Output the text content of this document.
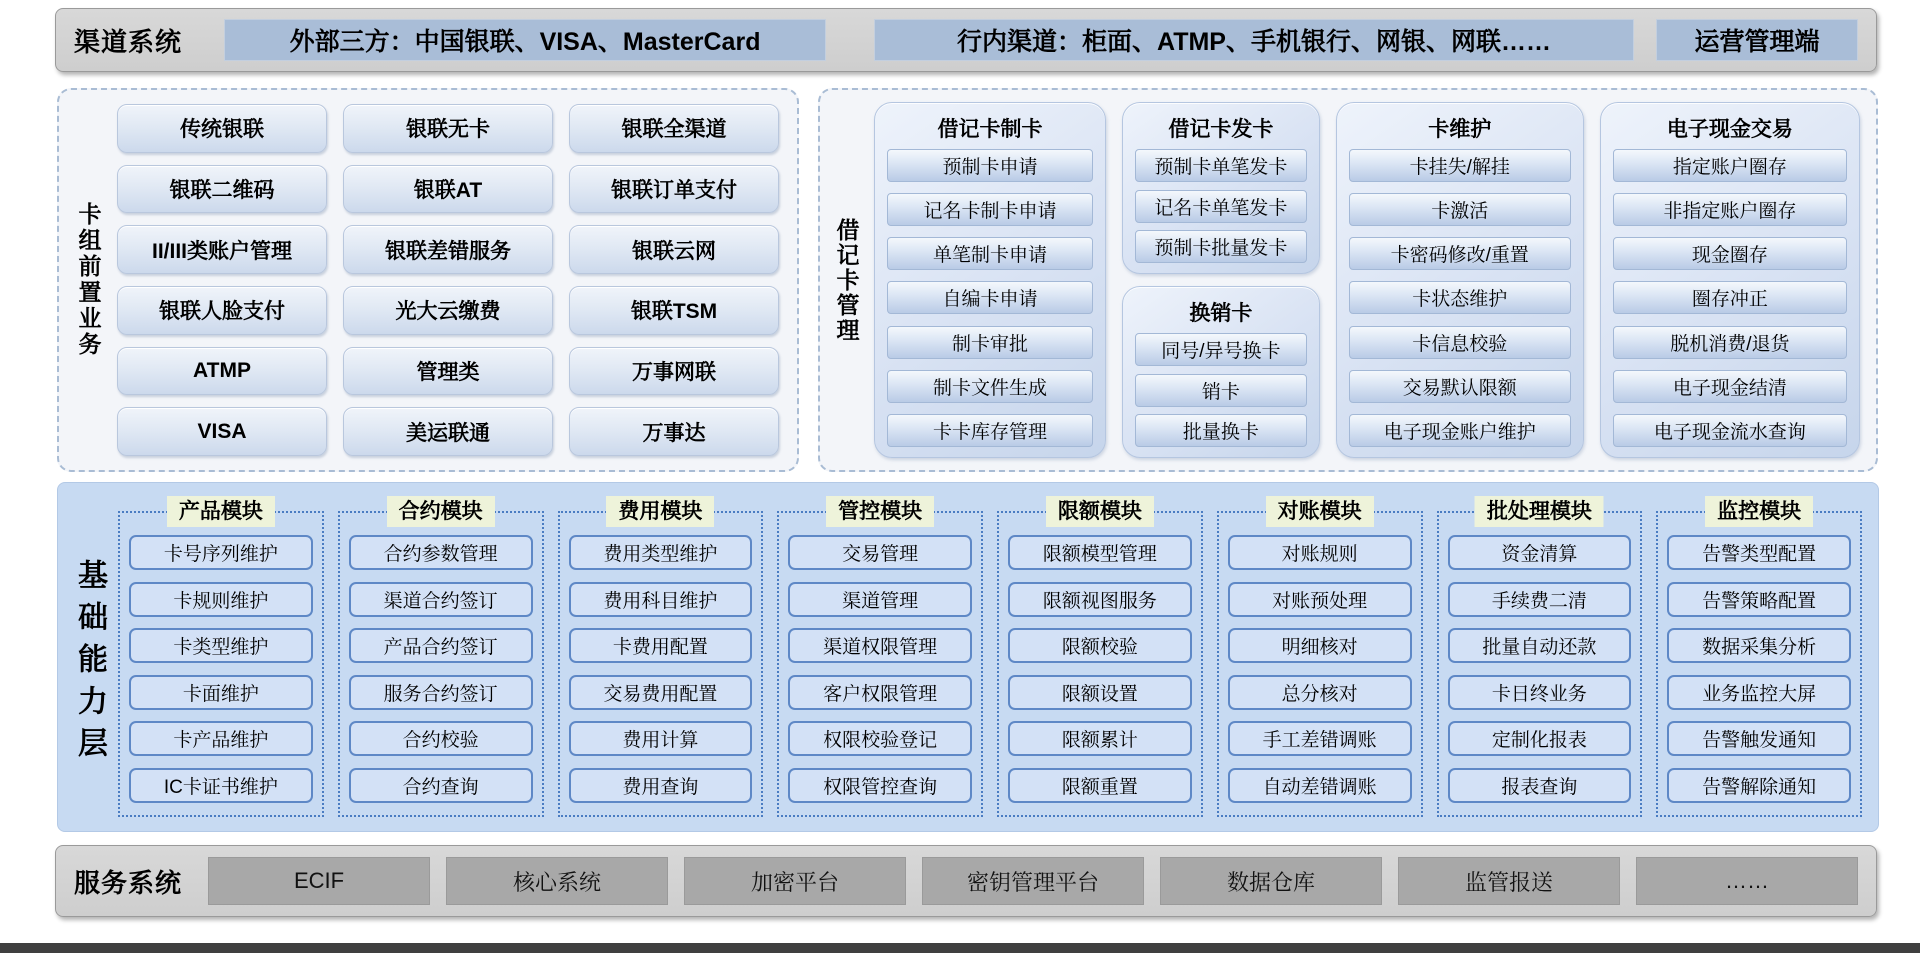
渠道系统	外部三方：中国银联、VISA、MasterCard	行内渠道：柜面、ATMP、手机银行、网银、网联……	运营管理端
卡组前置业务
传统银联	银联无卡	银联全渠道
银联二维码	银联AT	银联订单支付
II/III类账户管理	银联差错服务	银联云网
银联人脸支付	光大云缴费	银联TSM
ATMP	管理类	万事网联
VISA	美运联通	万事达
借记卡管理
借记卡制卡
预制卡申请
记名卡制卡申请
单笔制卡申请
自编卡申请
制卡审批
制卡文件生成
卡卡库存管理
借记卡发卡
预制卡单笔发卡
记名卡单笔发卡
预制卡批量发卡
换销卡
同号/异号换卡
销卡
批量换卡
卡维护
卡挂失/解挂
卡激活
卡密码修改/重置
卡状态维护
卡信息校验
交易默认限额
电子现金账户维护
电子现金交易
指定账户圈存
非指定账户圈存
现金圈存
圈存冲正
脱机消费/退货
电子现金结清
电子现金流水查询
基础能力层
产品模块
卡号序列维护
卡规则维护
卡类型维护
卡面维护
卡产品维护
IC卡证书维护
合约模块
合约参数管理
渠道合约签订
产品合约签订
服务合约签订
合约校验
合约查询
费用模块
费用类型维护
费用科目维护
卡费用配置
交易费用配置
费用计算
费用查询
管控模块
交易管理
渠道管理
渠道权限管理
客户权限管理
权限校验登记
权限管控查询
限额模块
限额模型管理
限额视图服务
限额校验
限额设置
限额累计
限额重置
对账模块
对账规则
对账预处理
明细核对
总分核对
手工差错调账
自动差错调账
批处理模块
资金清算
手续费二清
批量自动还款
卡日终业务
定制化报表
报表查询
监控模块
告警类型配置
告警策略配置
数据采集分析
业务监控大屏
告警触发通知
告警解除通知
服务系统	ECIF	核心系统	加密平台	密钥管理平台	数据仓库	监管报送	……
